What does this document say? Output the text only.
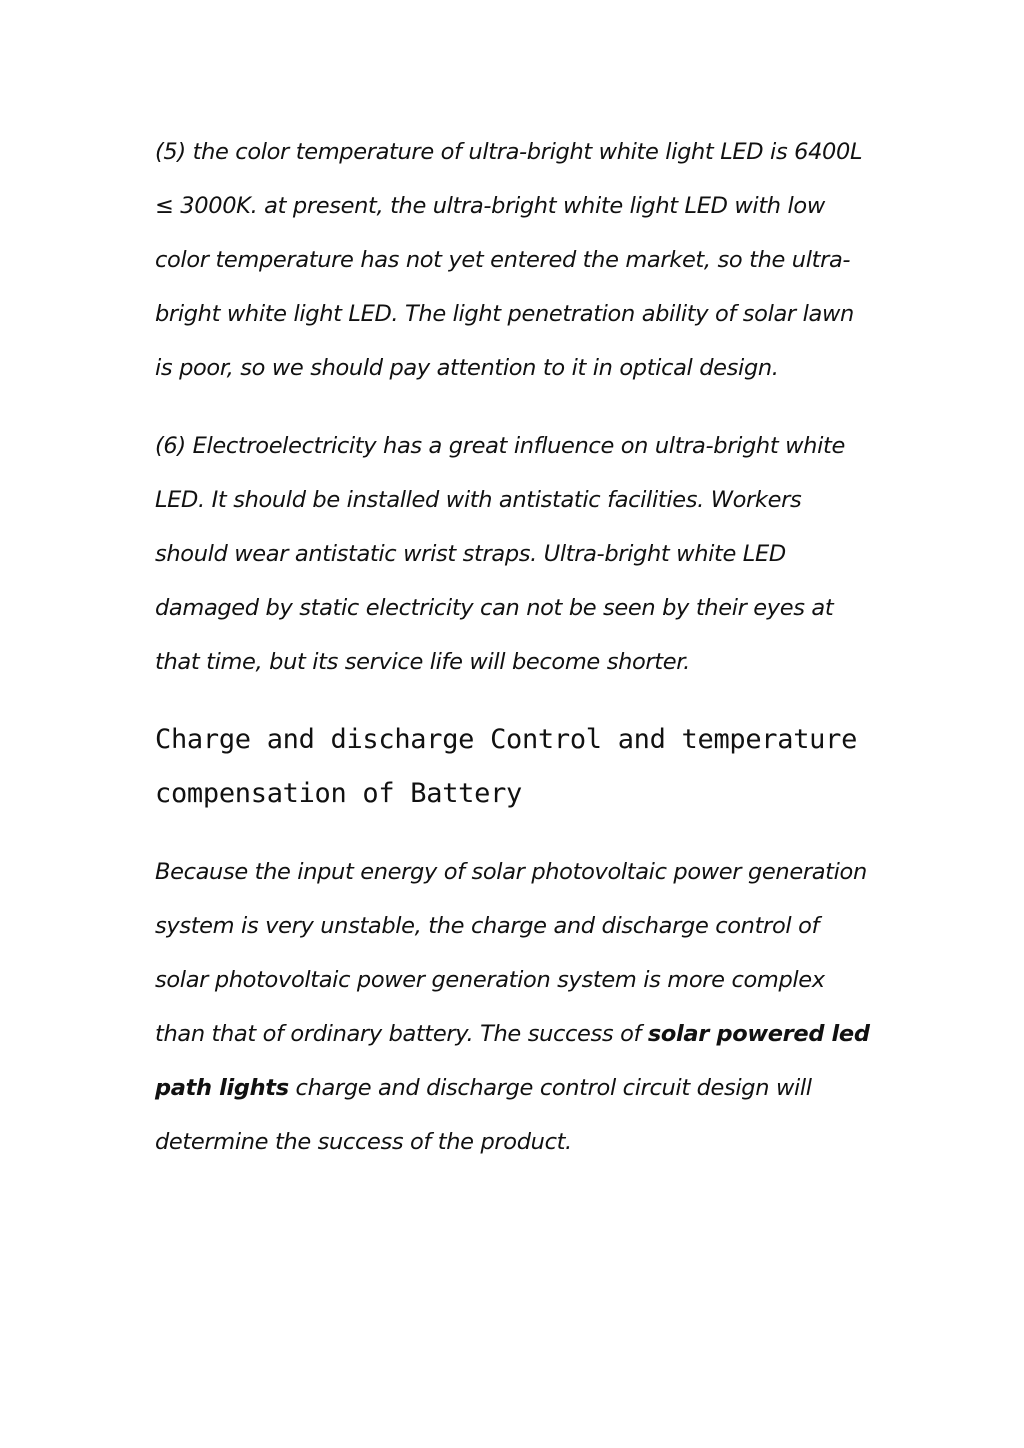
(5) the color temperature of ultra-bright white light LED is 6400L ≤ 3000K. at present, the ultra-bright white light LED with low color temperature has not yet entered the market, so the ultra-bright white light LED. The light penetration ability of solar lawn is poor, so we should pay attention to it in optical design.

(6) Electroelectricity has a great influence on ultra-bright white LED. It should be installed with antistatic facilities. Workers should wear antistatic wrist straps. Ultra-bright white LED damaged by static electricity can not be seen by their eyes at that time, but its service life will become shorter.

Charge and discharge Control and temperature compensation of Battery

Because the input energy of solar photovoltaic power generation system is very unstable, the charge and discharge control of solar photovoltaic power generation system is more complex than that of ordinary battery. The success of solar powered led path lights charge and discharge control circuit design will determine the success of the product.
